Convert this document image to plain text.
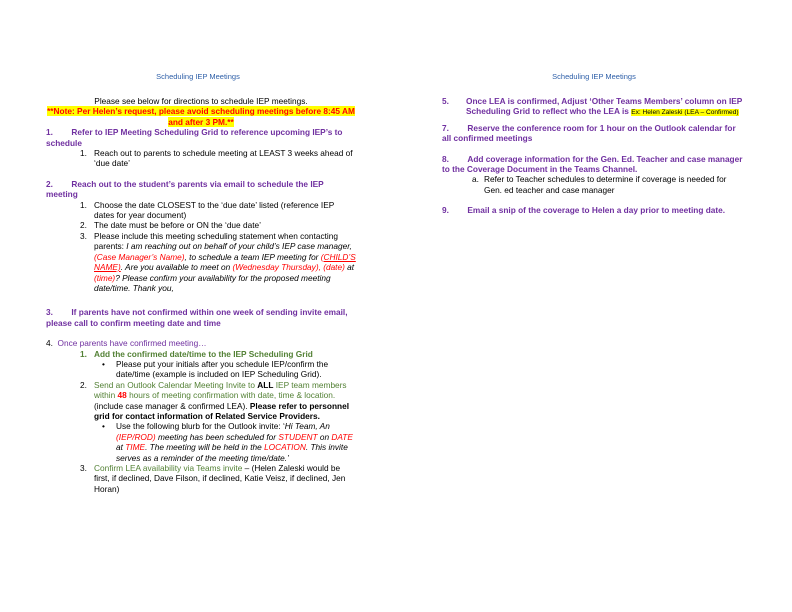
Scheduling IEP Meetings
Please see below for directions to schedule IEP meetings.
**Note: Per Helen’s request, please avoid scheduling meetings before 8:45 AM
and after 3 PM.**
1. Refer to IEP Meeting Scheduling Grid to reference upcoming IEP’s to schedule
1. Reach out to parents to schedule meeting at LEAST 3 weeks ahead of ‘due date’
2. Reach out to the student’s parents via email to schedule the IEP meeting
1. Choose the date CLOSEST to the ‘due date’ listed (reference IEP dates for year document)
2. The date must be before or ON the ‘due date’
3. Please include this meeting scheduling statement when contacting parents: I am reaching out on behalf of your child’s IEP case manager, (Case Manager’s Name), to schedule a team IEP meeting for (CHILD’S NAME). Are you available to meet on (Wednesday Thursday), (date) at (time)? Please confirm your availability for the proposed meeting date/time. Thank you,
3. If parents have not confirmed within one week of sending invite email, please call to confirm meeting date and time
4. Once parents have confirmed meeting…
1. Add the confirmed date/time to the IEP Scheduling Grid
•	Please put your initials after you schedule IEP/confirm the date/time (example is included on IEP Scheduling Grid).
2. Send an Outlook Calendar Meeting Invite to ALL IEP team members within 48 hours of meeting confirmation with date, time & location. (include case manager & confirmed LEA). Please refer to personnel grid for contact information of Related Service Providers.
•	Use the following blurb for the Outlook invite: ‘Hi Team, An (IEP/ROD) meeting has been scheduled for STUDENT on DATE at TIME. The meeting will be held in the LOCATION. This invite serves as a reminder of the meeting time/date.’
3. Confirm LEA availability via Teams invite – (Helen Zaleski would be first, if declined, Dave Filson, if declined, Katie Veisz, if declined, Jen Horan)
Scheduling IEP Meetings
5.	Once LEA is confirmed, Adjust ‘Other Teams Members’ column on IEP Scheduling Grid to reflect who the LEA is Ex: Helen Zaleski (LEA – Confirmed)
7. Reserve the conference room for 1 hour on the Outlook calendar for all confirmed meetings
8. Add coverage information for the Gen. Ed. Teacher and case manager to the Coverage Document in the Teams Channel.
a. Refer to Teacher schedules to determine if coverage is needed for Gen. ed teacher and case manager
9. Email a snip of the coverage to Helen a day prior to meeting date.
